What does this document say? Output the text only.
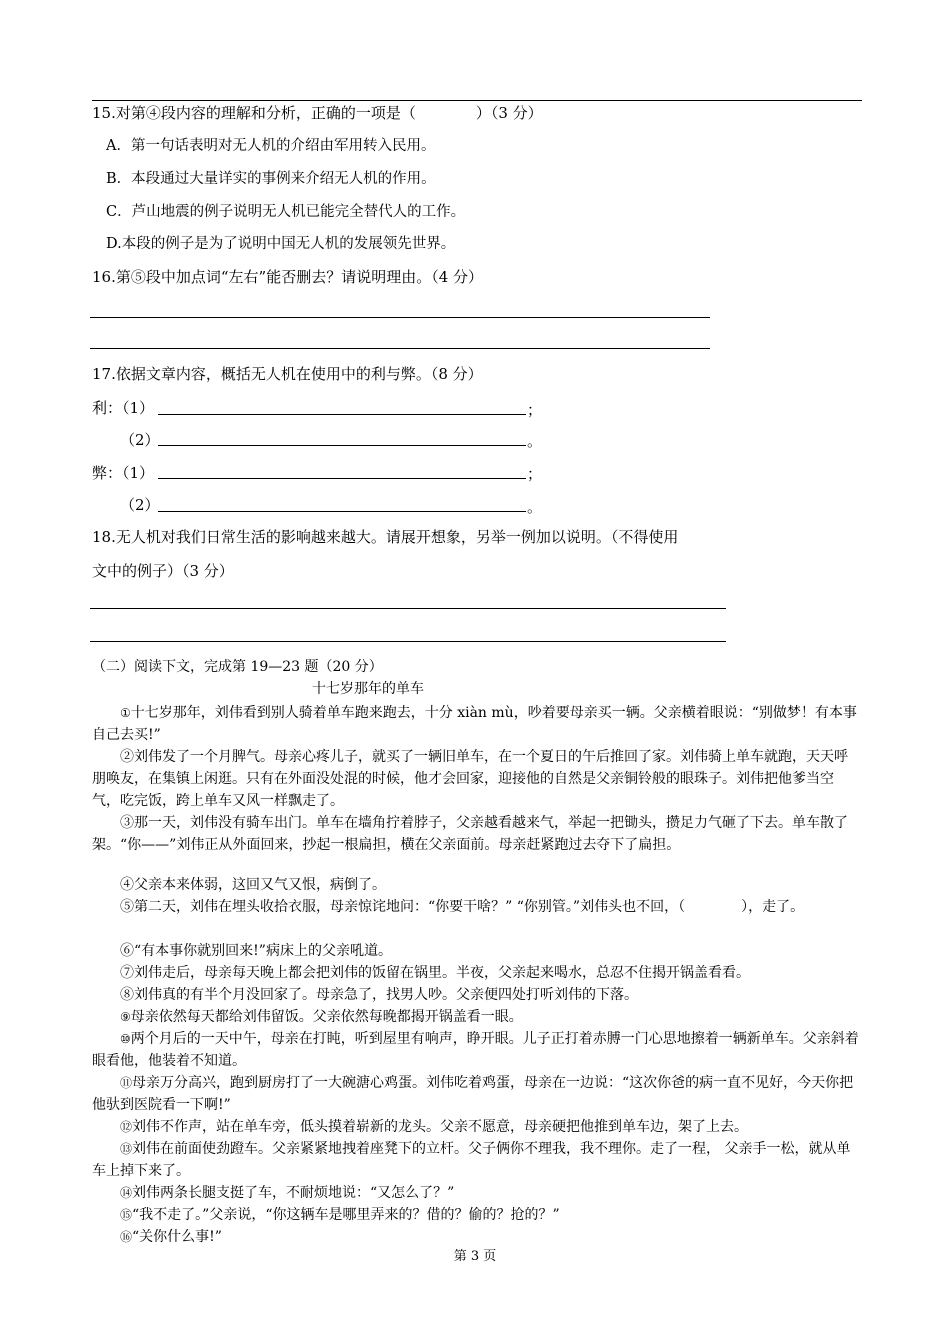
15.对第④段内容的理解和分析，正确的一项是（　　　　）（3 分）
A．第一句话表明对无人机的介绍由军用转入民用。
B．本段通过大量详实的事例来介绍无人机的作用。
C．芦山地震的例子说明无人机已能完全替代人的工作。
D.本段的例子是为了说明中国无人机的发展领先世界。
16.第⑤段中加点词“左右”能否删去？请说明理由。（4 分）
17.依据文章内容，概括无人机在使用中的利与弊。（8 分）
利：（1）	；
（2）	。
弊：（1）	；
（2）	。
18.无人机对我们日常生活的影响越来越大。请展开想象，另举一例加以说明。（不得使用
文中的例子）（3 分）
（二）阅读下文，完成第 19—23 题（20 分）
十七岁那年的单车
①十七岁那年，刘伟看到别人骑着单车跑来跑去，十分 xiàn mù，吵着要母亲买一辆。父亲横着眼说：“别做梦！有本事自己去买!”
②刘伟发了一个月脾气。母亲心疼儿子，就买了一辆旧单车，在一个夏日的午后推回了家。刘伟骑上单车就跑，天天呼朋唤友，在集镇上闲逛。只有在外面没处混的时候，他才会回家，迎接他的自然是父亲铜铃般的眼珠子。刘伟把他爹当空气，吃完饭，跨上单车又风一样飘走了。
③那一天，刘伟没有骑车出门。单车在墙角拧着脖子，父亲越看越来气，举起一把锄头，攒足力气砸了下去。单车散了架。“你——”刘伟正从外面回来，抄起一根扁担，横在父亲面前。母亲赶紧跑过去夺下了扁担。
④父亲本来体弱，这回又气又恨，病倒了。
⑤第二天，刘伟在埋头收拾衣服，母亲惊诧地问：“你要干啥？” “你别管。”刘伟头也不回，（　　　　），走了。
⑥“有本事你就别回来!”病床上的父亲吼道。
⑦刘伟走后，母亲每天晚上都会把刘伟的饭留在锅里。半夜，父亲起来喝水，总忍不住揭开锅盖看看。
⑧刘伟真的有半个月没回家了。母亲急了，找男人吵。父亲便四处打听刘伟的下落。
⑨母亲依然每天都给刘伟留饭。父亲依然每晚都揭开锅盖看一眼。
⑩两个月后的一天中午，母亲在打盹，听到屋里有响声，睁开眼。儿子正打着赤膊一门心思地擦着一辆新单车。父亲斜着眼看他，他装着不知道。
⑪母亲万分高兴，跑到厨房打了一大碗溏心鸡蛋。刘伟吃着鸡蛋，母亲在一边说：“这次你爸的病一直不见好，今天你把他驮到医院看一下啊!”
⑫刘伟不作声，站在单车旁，低头摸着崭新的龙头。父亲不愿意，母亲硬把他推到单车边，架了上去。
⑬刘伟在前面使劲蹬车。父亲紧紧地拽着座凳下的立杆。父子俩你不理我，我不理你。走了一程， 父亲手一松，就从单车上掉下来了。
⑭刘伟两条长腿支挺了车，不耐烦地说：“又怎么了？”
⑮“我不走了。”父亲说，“你这辆车是哪里弄来的？借的？偷的？抢的？”
⑯“关你什么事!”
第 3 页
